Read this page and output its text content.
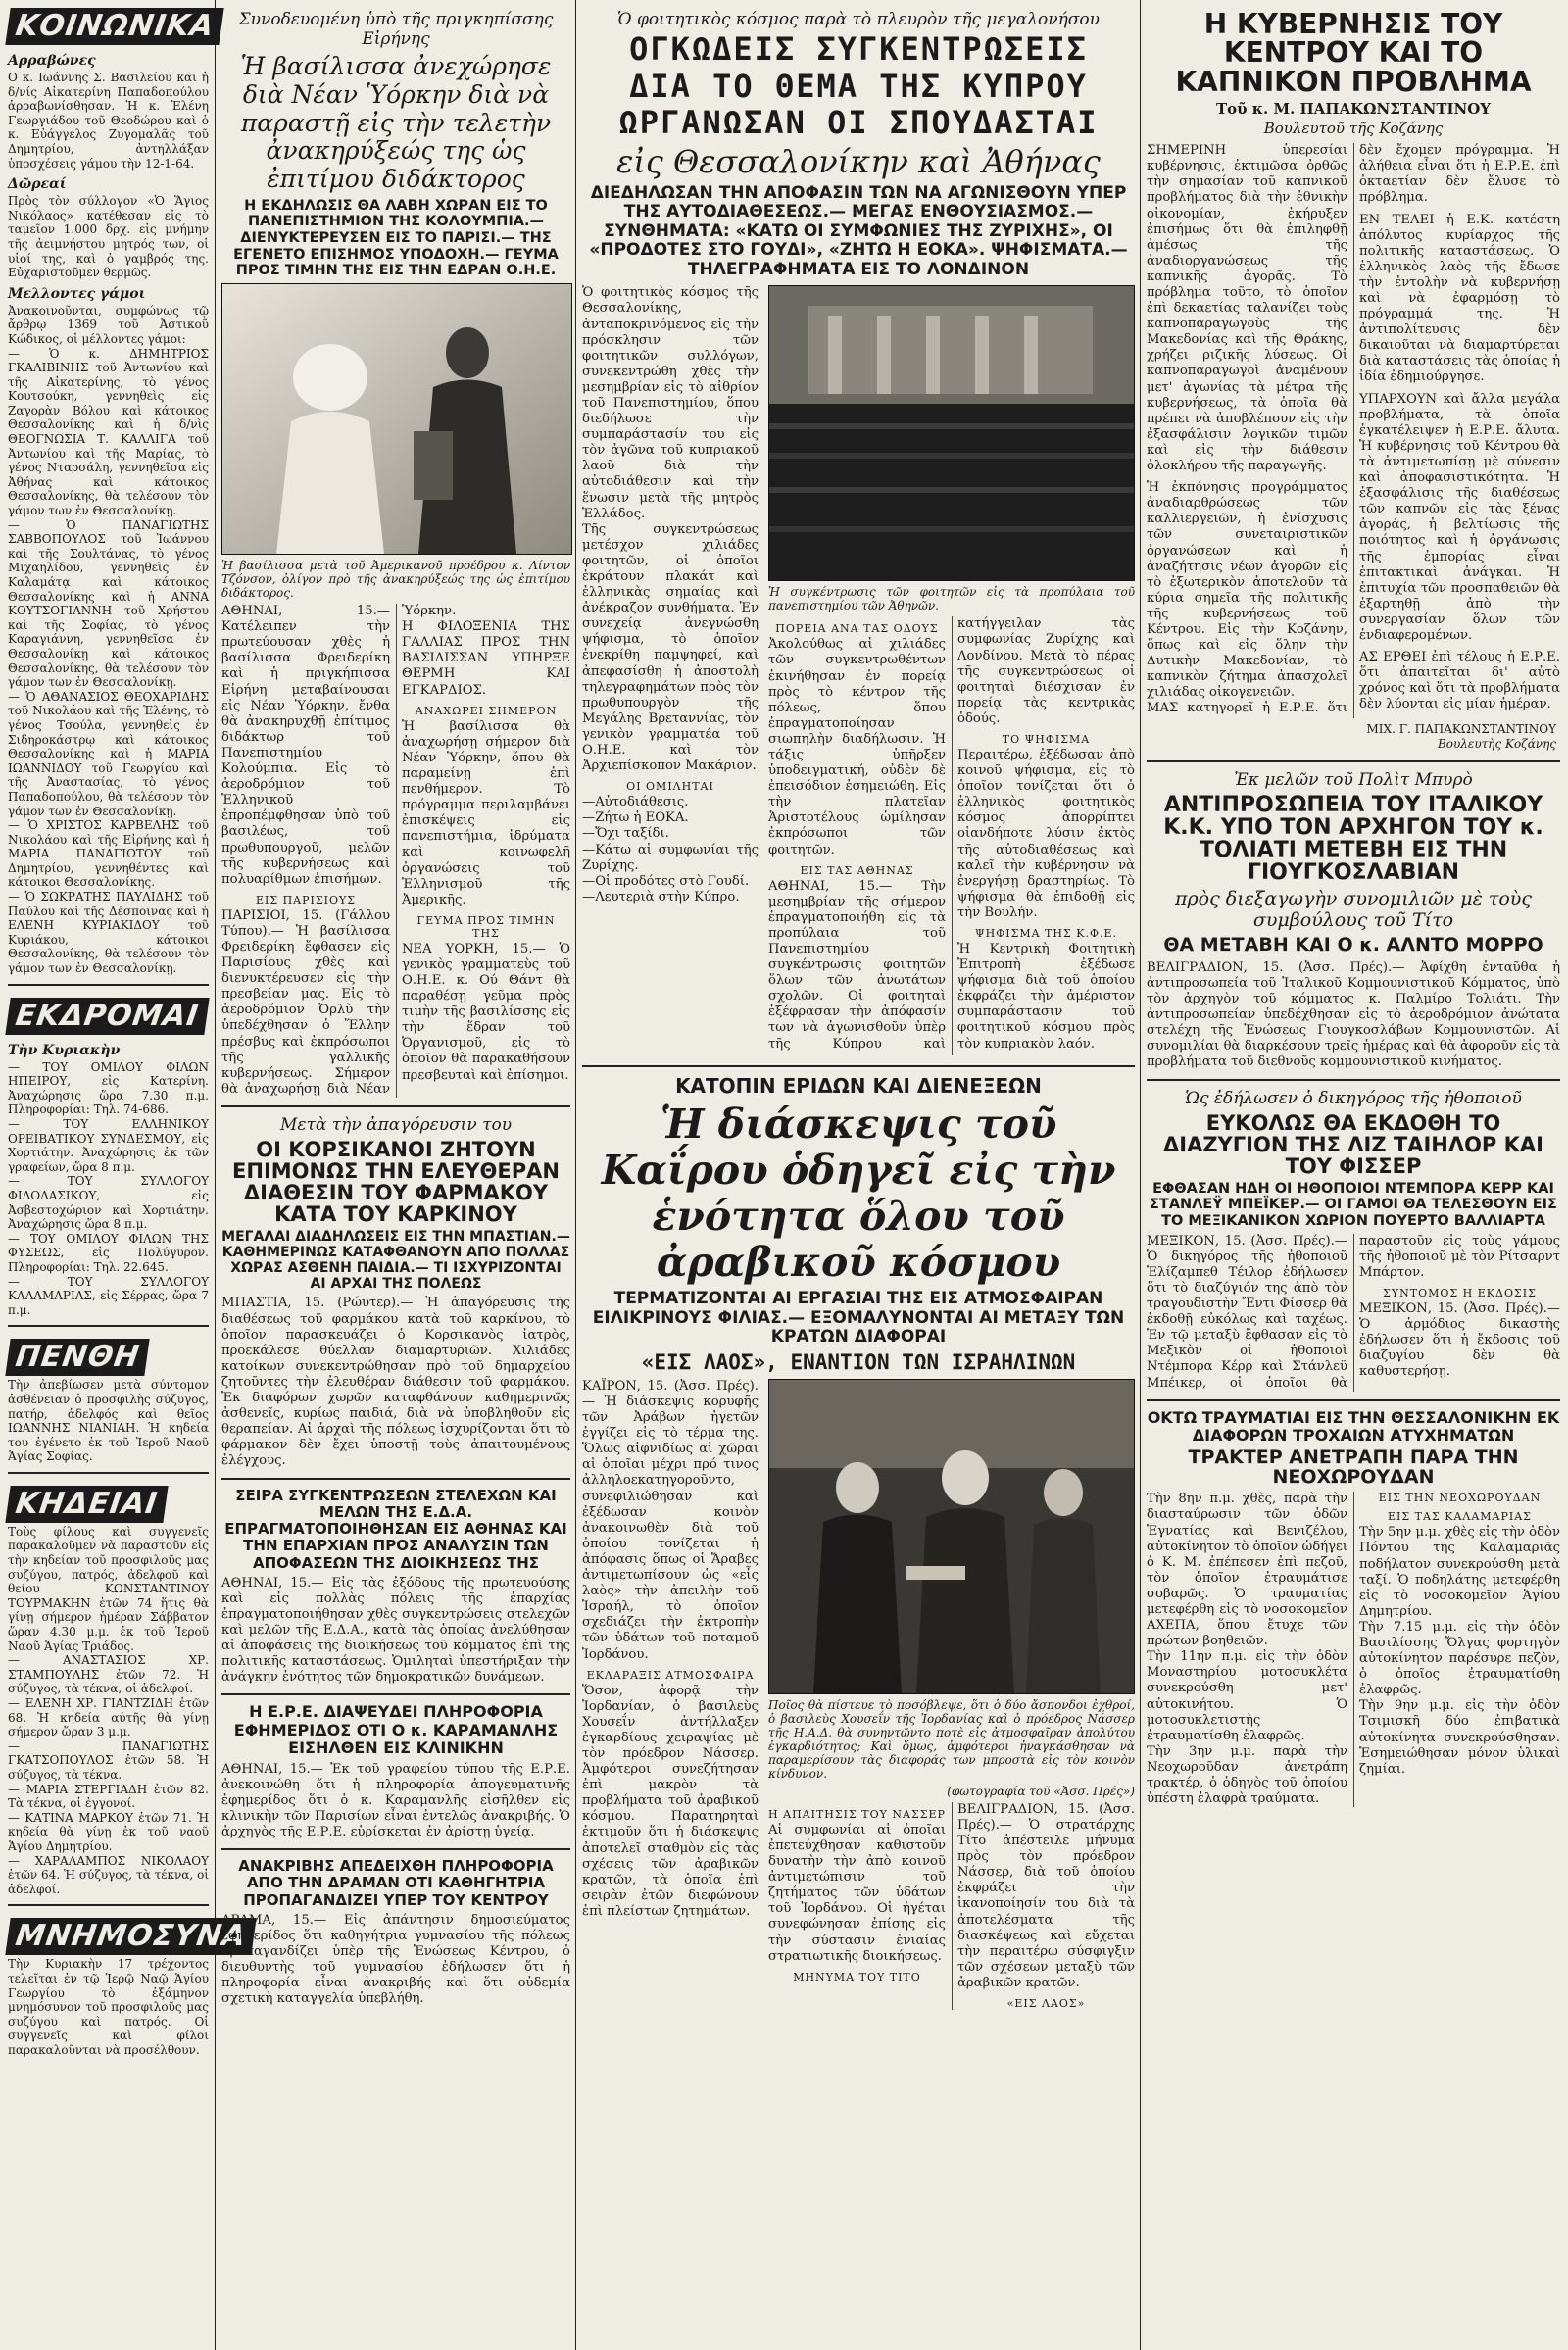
ΚΟΙΝΩΝΙΚΑ
Αρραβώνες

Ο κ. Ιωάννης Σ. Βασιλείου και ἡ δ/νίς Αἰκατερίνη Παπαδοπούλου ἀρραβωνίσθησαν. Ἡ κ. Ἑλένη Γεωργιάδου τοῦ Θεοδώρου καὶ ὁ κ. Εὐάγγελος Ζυγομαλᾶς τοῦ Δημητρίου, ἀντηλλάξαν ὑποσχέσεις γάμου τὴν 12-1-64.

Δῶρεαί

Πρὸς τὸν σύλλογον «Ὁ Ἅγιος Νικόλαος» κατέθεσαν εἰς τὸ ταμεῖον 1.000 δρχ. εἰς μνήμην τῆς ἀειμνήστου μητρός των, οἱ υἱοί της, καὶ ὁ γαμβρός της. Εὐχαριστοῦμεν θερμῶς.

Μελλοντες γάμοι

Ἀνακοινοῦνται, συμφώνως τῷ ἄρθρῳ 1369 τοῦ Ἀστικοῦ Κώδικος, οἱ μέλλοντες γάμοι:
— Ὁ κ. ΔΗΜΗΤΡΙΟΣ ΓΚΑΛΙΒΙΝΗΣ τοῦ Ἀντωνίου καὶ τῆς Αἰκατερίνης, τὸ γένος Κουτσούκη, γεννηθεὶς εἰς Ζαγορὰν Βόλου καὶ κάτοικος Θεσσαλονίκης καὶ ἡ δ/νὶς ΘΕΟΓΝΩΣΙΑ Τ. ΚΑΛΛΙΓΑ τοῦ Ἀντωνίου καὶ τῆς Μαρίας, τὸ γένος Νταρσάλη, γεννηθεῖσα εἰς Ἀθήνας καὶ κάτοικος Θεσσαλονίκης, θὰ τελέσουν τὸν γάμον των ἐν Θεσσαλονίκῃ.
— Ὁ ΠΑΝΑΓΙΩΤΗΣ ΣΑΒΒΟΠΟΥΛΟΣ τοῦ Ἰωάννου καὶ τῆς Σουλτάνας, τὸ γένος Μιχαηλίδου, γεννηθεὶς ἐν Καλαμάτᾳ καὶ κάτοικος Θεσσαλονίκης καὶ ἡ ΑΝΝΑ ΚΟΥΤΣΟΓΙΑΝΝΗ τοῦ Χρήστου καὶ τῆς Σοφίας, τὸ γένος Καραγιάννη, γεννηθεῖσα ἐν Θεσσαλονίκῃ καὶ κάτοικος Θεσσαλονίκης, θὰ τελέσουν τὸν γάμον των ἐν Θεσσαλονίκῃ.
— Ὁ ΑΘΑΝΑΣΙΟΣ ΘΕΟΧΑΡΙΔΗΣ τοῦ Νικολάου καὶ τῆς Ἑλένης, τὸ γένος Τσούλα, γεννηθεὶς ἐν Σιδηροκάστρῳ καὶ κάτοικος Θεσσαλονίκης καὶ ἡ ΜΑΡΙΑ ΙΩΑΝΝΙΔΟΥ τοῦ Γεωργίου καὶ τῆς Ἀναστασίας, τὸ γένος Παπαδοπούλου, θὰ τελέσουν τὸν γάμον των ἐν Θεσσαλονίκῃ.
— Ὁ ΧΡΙΣΤΟΣ ΚΑΡΒΕΛΗΣ τοῦ Νικολάου καὶ τῆς Εἰρήνης καὶ ἡ ΜΑΡΙΑ ΠΑΝΑΓΙΩΤΟΥ τοῦ Δημητρίου, γεννηθέντες καὶ κάτοικοι Θεσσαλονίκης.
— Ὁ ΣΩΚΡΑΤΗΣ ΠΑΥΛΙΔΗΣ τοῦ Παύλου καὶ τῆς Δέσποινας καὶ ἡ ΕΛΕΝΗ ΚΥΡΙΑΚΙΔΟΥ τοῦ Κυριάκου, κάτοικοι Θεσσαλονίκης, θὰ τελέσουν τὸν γάμον των ἐν Θεσσαλονίκῃ.

ΕΚΔΡΟΜΑΙ
Τὴν Κυριακὴν

— ΤΟΥ ΟΜΙΛΟΥ ΦΙΛΩΝ ΗΠΕΙΡΟΥ, εἰς Κατερίνη. Ἀναχώρησις ὥρα 7.30 π.μ. Πληροφορίαι: Τηλ. 74-686.
— ΤΟΥ ΕΛΛΗΝΙΚΟΥ ΟΡΕΙΒΑΤΙΚΟΥ ΣΥΝΔΕΣΜΟΥ, εἰς Χορτιάτην. Ἀναχώρησις ἐκ τῶν γραφείων, ὥρα 8 π.μ.
— ΤΟΥ ΣΥΛΛΟΓΟΥ ΦΙΛΟΔΑΣΙΚΟΥ, εἰς Ἀσβεστοχώριον καὶ Χορτιάτην. Ἀναχώρησις ὥρα 8 π.μ.
— ΤΟΥ ΟΜΙΛΟΥ ΦΙΛΩΝ ΤΗΣ ΦΥΣΕΩΣ, εἰς Πολύγυρον. Πληροφορίαι: Τηλ. 22.645.
— ΤΟΥ ΣΥΛΛΟΓΟΥ ΚΑΛΑΜΑΡΙΑΣ, εἰς Σέρρας, ὥρα 7 π.μ.

ΠΕΝΘΗ

Τὴν ἀπεβίωσεν μετὰ σύντομον ἀσθένειαν ὁ προσφιλὴς σύζυγος, πατήρ, ἀδελφός καὶ θεῖος ΙΩΑΝΝΗΣ ΝΙΑΝΙΑΗ. Ἡ κηδεία του ἐγένετο ἐκ τοῦ Ἱεροῦ Ναοῦ Ἁγίας Σοφίας.

ΚΗΔΕΙΑΙ

Τοὺς φίλους καὶ συγγενεῖς παρακαλοῦμεν νὰ παραστοῦν εἰς τὴν κηδείαν τοῦ προσφιλοῦς μας συζύγου, πατρός, ἀδελφοῦ καὶ θείου ΚΩΝΣΤΑΝΤΙΝΟΥ ΤΟΥΡΜΑΚΗΝ ἐτῶν 74 ἥτις θὰ γίνῃ σήμερον ἡμέραν Σάββατον ὥραν 4.30 μ.μ. ἐκ τοῦ Ἱεροῦ Ναοῦ Ἁγίας Τριάδος.
— ΑΝΑΣΤΑΣΙΟΣ ΧΡ. ΣΤΑΜΠΟΥΛΗΣ ἐτῶν 72. Ἡ σύζυγος, τὰ τέκνα, οἱ ἀδελφοί.
— ΕΛΕΝΗ ΧΡ. ΓΙΑΝΤΖΙΔΗ ἐτῶν 68. Ἡ κηδεία αὐτῆς θὰ γίνῃ σήμερον ὥραν 3 μ.μ.
— ΠΑΝΑΓΙΩΤΗΣ ΓΚΑΤΣΟΠΟΥΛΟΣ ἐτῶν 58. Ἡ σύζυγος, τὰ τέκνα.
— ΜΑΡΙΑ ΣΤΕΡΓΙΑΔΗ ἐτῶν 82. Τὰ τέκνα, οἱ ἐγγονοί.
— ΚΑΤΙΝΑ ΜΑΡΚΟΥ ἐτῶν 71. Ἡ κηδεία θὰ γίνῃ ἐκ τοῦ ναοῦ Ἁγίου Δημητρίου.
— ΧΑΡΑΛΑΜΠΟΣ ΝΙΚΟΛΑΟΥ ἐτῶν 64. Ἡ σύζυγος, τὰ τέκνα, οἱ ἀδελφοί.

ΜΝΗΜΟΣΥΝΑ

Τὴν Κυριακὴν 17 τρέχοντος τελεῖται ἐν τῷ Ἱερῷ Ναῷ Ἁγίου Γεωργίου τὸ ἐξάμηνον μνημόσυνον τοῦ προσφιλοῦς μας συζύγου καὶ πατρός. Οἱ συγγενεῖς καὶ φίλοι παρακαλοῦνται νὰ προσέλθουν.

Συνοδευομένη ὑπὸ τῆς πριγκηπίσσης Εἰρήνης
Ἡ βασίλισσα ἀνεχώρησε διὰ Νέαν Ὑόρκην διὰ νὰ παραστῇ εἰς τὴν τελετὴν ἀνακηρύξεώς της ὡς ἐπιτίμου διδάκτορος
Η ΕΚΔΗΛΩΣΙΣ ΘΑ ΛΑΒΗ ΧΩΡΑΝ ΕΙΣ ΤΟ ΠΑΝΕΠΙΣΤΗΜΙΟΝ ΤΗΣ ΚΟΛΟΥΜΠΙΑ.— ΔΙΕΝΥΚΤΕΡΕΥΣΕΝ ΕΙΣ ΤΟ ΠΑΡΙΣΙ.— ΤΗΣ ΕΓΕΝΕΤΟ ΕΠΙΣΗΜΟΣ ΥΠΟΔΟΧΗ.— ΓΕΥΜΑ ΠΡΟΣ ΤΙΜΗΝ ΤΗΣ ΕΙΣ ΤΗΝ ΕΔΡΑΝ Ο.Η.Ε.
Ἡ βασίλισσα μετὰ τοῦ Ἀμερικανοῦ προέδρου κ. Λίντον Τζόνσον, ὀλίγον πρὸ τῆς ἀνακηρύξεώς της ὡς ἐπιτίμου διδάκτορος.

ΑΘΗΝΑΙ, 15.— Κατέλειπεν τὴν πρωτεύουσαν χθὲς ἡ βασίλισσα Φρειδερίκη καὶ ἡ πριγκήπισσα Εἰρήνη μεταβαίνουσαι εἰς Νέαν Ὑόρκην, ἔνθα θὰ ἀνακηρυχθῇ ἐπίτιμος διδάκτωρ τοῦ Πανεπιστημίου Κολούμπια. Εἰς τὸ ἀεροδρόμιον τοῦ Ἑλληνικοῦ ἐπροπέμφθησαν ὑπὸ τοῦ βασιλέως, τοῦ πρωθυπουργοῦ, μελῶν τῆς κυβερνήσεως καὶ πολυαρίθμων ἐπισήμων.

ΕΙΣ ΠΑΡΙΣΙΟΥΣ

ΠΑΡΙΣΙΟΙ, 15. (Γάλλου Τύπου).— Ἡ βασίλισσα Φρειδερίκη ἔφθασεν εἰς Παρισίους χθὲς καὶ διενυκτέρευσεν εἰς τὴν πρεσβείαν μας. Εἰς τὸ ἀεροδρόμιον Ὀρλὺ τὴν ὑπεδέχθησαν ὁ Ἕλλην πρέσβυς καὶ ἐκπρόσωποι τῆς γαλλικῆς κυβερνήσεως. Σήμερον θὰ ἀναχωρήσῃ διὰ Νέαν Ὑόρκην.
Η ΦΙΛΟΞΕΝΙΑ ΤΗΣ ΓΑΛΛΙΑΣ ΠΡΟΣ ΤΗΝ ΒΑΣΙΛΙΣΣΑΝ ΥΠΗΡΞΕ ΘΕΡΜΗ ΚΑΙ ΕΓΚΑΡΔΙΟΣ.

ΑΝΑΧΩΡΕΙ ΣΗΜΕΡΟΝ

Ἡ βασίλισσα θὰ ἀναχωρήσῃ σήμερον διὰ Νέαν Ὑόρκην, ὅπου θὰ παραμείνῃ ἐπὶ πενθήμερον. Τὸ πρόγραμμα περιλαμβάνει ἐπισκέψεις εἰς πανεπιστήμια, ἱδρύματα καὶ κοινωφελῆ ὀργανώσεις τοῦ Ἑλληνισμοῦ τῆς Ἀμερικῆς.

ΓΕΥΜΑ ΠΡΟΣ ΤΙΜΗΝ ΤΗΣ

ΝΕΑ ΥΟΡΚΗ, 15.— Ὁ γενικὸς γραμματεὺς τοῦ Ο.Η.Ε. κ. Ού Θάντ θὰ παραθέσῃ γεῦμα πρὸς τιμὴν τῆς βασιλίσσης εἰς τὴν ἕδραν τοῦ Ὀργανισμοῦ, εἰς τὸ ὁποῖον θὰ παρακαθήσουν πρεσβευταὶ καὶ ἐπίσημοι.

Μετὰ τὴν ἀπαγόρευσιν του
ΟΙ ΚΟΡΣΙΚΑΝΟΙ ΖΗΤΟΥΝ ΕΠΙΜΟΝΩΣ ΤΗΝ ΕΛΕΥΘΕΡΑΝ ΔΙΑΘΕΣΙΝ ΤΟΥ ΦΑΡΜΑΚΟΥ ΚΑΤΑ ΤΟΥ ΚΑΡΚΙΝΟΥ
ΜΕΓΑΛΑΙ ΔΙΑΔΗΛΩΣΕΙΣ ΕΙΣ ΤΗΝ ΜΠΑΣΤΙΑΝ.— ΚΑΘΗΜΕΡΙΝΩΣ ΚΑΤΑΦΘΑΝΟΥΝ ΑΠΟ ΠΟΛΛΑΣ ΧΩΡΑΣ ΑΣΘΕΝΗ ΠΑΙΔΙΑ.— ΤΙ ΙΣΧΥΡΙΖΟΝΤΑΙ ΑΙ ΑΡΧΑΙ ΤΗΣ ΠΟΛΕΩΣ

ΜΠΑΣΤΙΑ, 15. (Ρώυτερ).— Ἡ ἀπαγόρευσις τῆς διαθέσεως τοῦ φαρμάκου κατὰ τοῦ καρκίνου, τὸ ὁποῖον παρασκευάζει ὁ Κορσικανὸς ἰατρὸς, προεκάλεσε θύελλαν διαμαρτυριῶν. Χιλιάδες κατοίκων συνεκεντρώθησαν πρὸ τοῦ δημαρχείου ζητοῦντες τὴν ἐλευθέραν διάθεσιν τοῦ φαρμάκου. Ἐκ διαφόρων χωρῶν καταφθάνουν καθημερινῶς ἀσθενεῖς, κυρίως παιδιά, διὰ νὰ ὑποβληθοῦν εἰς θεραπείαν. Αἱ ἀρχαὶ τῆς πόλεως ἰσχυρίζονται ὅτι τὸ φάρμακον δὲν ἔχει ὑποστῇ τοὺς ἀπαιτουμένους ἐλέγχους.

ΣΕΙΡΑ ΣΥΓΚΕΝΤΡΩΣΕΩΝ ΣΤΕΛΕΧΩΝ ΚΑΙ ΜΕΛΩΝ ΤΗΣ Ε.Δ.Α. ΕΠΡΑΓΜΑΤΟΠΟΙΗΘΗΣΑΝ ΕΙΣ ΑΘΗΝΑΣ ΚΑΙ ΤΗΝ ΕΠΑΡΧΙΑΝ ΠΡΟΣ ΑΝΑΛΥΣΙΝ ΤΩΝ ΑΠΟΦΑΣΕΩΝ ΤΗΣ ΔΙΟΙΚΗΣΕΩΣ ΤΗΣ

ΑΘΗΝΑΙ, 15.— Εἰς τὰς ἐξόδους τῆς πρωτευούσης καὶ εἰς πολλὰς πόλεις τῆς ἐπαρχίας ἐπραγματοποιήθησαν χθὲς συγκεντρώσεις στελεχῶν καὶ μελῶν τῆς Ε.Δ.Α., κατὰ τὰς ὁποίας ἀνελύθησαν αἱ ἀποφάσεις τῆς διοικήσεως τοῦ κόμματος ἐπὶ τῆς πολιτικῆς καταστάσεως. Ὁμιληταὶ ὑπεστήριξαν τὴν ἀνάγκην ἑνότητος τῶν δημοκρατικῶν δυνάμεων.

Η Ε.Ρ.Ε. ΔΙΑΨΕΥΔΕΙ ΠΛΗΡΟΦΟΡΙΑ ΕΦΗΜΕΡΙΔΟΣ ΟΤΙ Ο κ. ΚΑΡΑΜΑΝΛΗΣ ΕΙΣΗΛΘΕΝ ΕΙΣ ΚΛΙΝΙΚΗΝ

ΑΘΗΝΑΙ, 15.— Ἐκ τοῦ γραφείου τύπου τῆς Ε.Ρ.Ε. ἀνεκοινώθη ὅτι ἡ πληροφορία ἀπογευματινῆς ἐφημερίδος ὅτι ὁ κ. Καραμανλῆς εἰσῆλθεν εἰς κλινικὴν τῶν Παρισίων εἶναι ἐντελῶς ἀνακριβής. Ὁ ἀρχηγὸς τῆς Ε.Ρ.Ε. εὑρίσκεται ἐν ἀρίστῃ ὑγείᾳ.

ΑΝΑΚΡΙΒΗΣ ΑΠΕΔΕΙΧΘΗ ΠΛΗΡΟΦΟΡΙΑ ΑΠΟ ΤΗΝ ΔΡΑΜΑΝ ΟΤΙ ΚΑΘΗΓΗΤΡΙΑ ΠΡΟΠΑΓΑΝΔΙΖΕΙ ΥΠΕΡ ΤΟΥ ΚΕΝΤΡΟΥ

ΔΡΑΜΑ, 15.— Εἰς ἀπάντησιν δημοσιεύματος ἐφημερίδος ὅτι καθηγήτρια γυμνασίου τῆς πόλεως προπαγανδίζει ὑπὲρ τῆς Ἑνώσεως Κέντρου, ὁ διευθυντὴς τοῦ γυμνασίου ἐδήλωσεν ὅτι ἡ πληροφορία εἶναι ἀνακριβής καὶ ὅτι οὐδεμία σχετικὴ καταγγελία ὑπεβλήθη.

Ὁ φοιτητικὸς κόσμος παρὰ τὸ πλευρὸν τῆς μεγαλονήσου
ΟΓΚΩΔΕΙΣ ΣΥΓΚΕΝΤΡΩΣΕΙΣ
ΔΙΑ ΤΟ ΘΕΜΑ ΤΗΣ ΚΥΠΡΟΥ
ΩΡΓΑΝΩΣΑΝ ΟΙ ΣΠΟΥΔΑΣΤΑΙ
εἰς Θεσσαλονίκην καὶ Ἀθήνας
ΔΙΕΔΗΛΩΣΑΝ ΤΗΝ ΑΠΟΦΑΣΙΝ ΤΩΝ ΝΑ ΑΓΩΝΙΣΘΟΥΝ ΥΠΕΡ ΤΗΣ ΑΥΤΟΔΙΑΘΕΣΕΩΣ.— ΜΕΓΑΣ ΕΝΘΟΥΣΙΑΣΜΟΣ.— ΣΥΝΘΗΜΑΤΑ: «ΚΑΤΩ ΟΙ ΣΥΜΦΩΝΙΕΣ ΤΗΣ ΖΥΡΙΧΗΣ», ΟΙ «ΠΡΟΔΟΤΕΣ ΣΤΟ ΓΟΥΔΙ», «ΖΗΤΩ Η ΕΟΚΑ». ΨΗΦΙΣΜΑΤΑ.— ΤΗΛΕΓΡΑΦΗΜΑΤΑ ΕΙΣ ΤΟ ΛΟΝΔΙΝΟΝ

Ὁ φοιτητικὸς κόσμος τῆς Θεσσαλονίκης, ἀνταποκρινόμενος εἰς τὴν πρόσκλησιν τῶν φοιτητικῶν συλλόγων, συνεκεντρώθη χθὲς τὴν μεσημβρίαν εἰς τὸ αἰθρίον τοῦ Πανεπιστημίου, ὅπου διεδήλωσε τὴν συμπαράστασίν του εἰς τὸν ἀγῶνα τοῦ κυπριακοῦ λαοῦ διὰ τὴν αὐτοδιάθεσιν καὶ τὴν ἕνωσιν μετὰ τῆς μητρὸς Ἑλλάδος.
Τῆς συγκεντρώσεως μετέσχον χιλιάδες φοιτητῶν, οἱ ὁποῖοι ἐκράτουν πλακάτ καὶ ἑλληνικὰς σημαίας καὶ ἀνέκραζον συνθήματα. Ἐν συνεχείᾳ ἀνεγνώσθη ψήφισμα, τὸ ὁποῖον ἐνεκρίθη παμψηφεί, καὶ ἀπεφασίσθη ἡ ἀποστολὴ τηλεγραφημάτων πρὸς τὸν πρωθυπουργὸν τῆς Μεγάλης Βρεταννίας, τὸν γενικὸν γραμματέα τοῦ Ο.Η.Ε. καὶ τὸν Ἀρχιεπίσκοπον Μακάριον.

ΟΙ ΟΜΙΛΗΤΑΙ

—Αὐτοδιάθεσις.
—Ζήτω ἡ ΕΟΚΑ.
—Ὄχι ταξίδι.
—Κάτω αἱ συμφωνίαι τῆς Ζυρίχης.
—Οἱ προδότες στὸ Γουδί.
—Λευτεριὰ στὴν Κύπρο.

Ἡ συγκέντρωσις τῶν φοιτητῶν εἰς τὰ προπύλαια τοῦ πανεπιστημίου τῶν Ἀθηνῶν.
ΠΟΡΕΙΑ ΑΝΑ ΤΑΣ ΟΔΟΥΣ

Ἀκολούθως αἱ χιλιάδες τῶν συγκεντρωθέντων ἐκινήθησαν ἐν πορείᾳ πρὸς τὸ κέντρον τῆς πόλεως, ὅπου ἐπραγματοποίησαν σιωπηλὴν διαδήλωσιν. Ἡ τάξις ὑπῆρξεν ὑποδειγματική, οὐδὲν δὲ ἐπεισόδιον ἐσημειώθη. Εἰς τὴν πλατεῖαν Ἀριστοτέλους ὡμίλησαν ἐκπρόσωποι τῶν φοιτητῶν.

ΕΙΣ ΤΑΣ ΑΘΗΝΑΣ

ΑΘΗΝΑΙ, 15.— Τὴν μεσημβρίαν τῆς σήμερον ἐπραγματοποιήθη εἰς τὰ προπύλαια τοῦ Πανεπιστημίου συγκέντρωσις φοιτητῶν ὅλων τῶν ἀνωτάτων σχολῶν. Οἱ φοιτηταὶ ἐξέφρασαν τὴν ἀπόφασίν των νὰ ἀγωνισθοῦν ὑπὲρ τῆς Κύπρου καὶ κατήγγειλαν τὰς συμφωνίας Ζυρίχης καὶ Λονδίνου. Μετὰ τὸ πέρας τῆς συγκεντρώσεως οἱ φοιτηταὶ διέσχισαν ἐν πορείᾳ τὰς κεντρικὰς ὁδούς.

ΤΟ ΨΗΦΙΣΜΑ

Περαιτέρω, ἐξέδωσαν ἀπὸ κοινοῦ ψήφισμα, εἰς τὸ ὁποῖον τονίζεται ὅτι ὁ ἑλληνικὸς φοιτητικὸς κόσμος ἀπορρίπτει οἱανδήποτε λύσιν ἐκτὸς τῆς αὐτοδιαθέσεως καὶ καλεῖ τὴν κυβέρνησιν νὰ ἐνεργήσῃ δραστηρίως. Τὸ ψήφισμα θὰ ἐπιδοθῇ εἰς τὴν Βουλήν.

ΨΗΦΙΣΜΑ ΤΗΣ Κ.Φ.Ε.

Ἡ Κεντρικὴ Φοιτητικὴ Ἐπιτροπὴ ἐξέδωσε ψήφισμα διὰ τοῦ ὁποίου ἐκφράζει τὴν ἀμέριστον συμπαράστασιν τοῦ φοιτητικοῦ κόσμου πρὸς τὸν κυπριακὸν λαόν.

ΚΑΤΟΠΙΝ ΕΡΙΔΩΝ ΚΑΙ ΔΙΕΝΕΞΕΩΝ
Ἡ διάσκεψις τοῦ Καΐρου ὁδηγεῖ εἰς τὴν ἑνότητα ὅλου τοῦ ἀραβικοῦ κόσμου
ΤΕΡΜΑΤΙΖΟΝΤΑΙ ΑΙ ΕΡΓΑΣΙΑΙ ΤΗΣ ΕΙΣ ΑΤΜΟΣΦΑΙΡΑΝ ΕΙΛΙΚΡΙΝΟΥΣ ΦΙΛΙΑΣ.— ΕΞΟΜΑΛΥΝΟΝΤΑΙ ΑΙ ΜΕΤΑΞΥ ΤΩΝ ΚΡΑΤΩΝ ΔΙΑΦΟΡΑΙ
«ΕΙΣ ΛΑΟΣ», ΕΝΑΝΤΙΟΝ ΤΩΝ ΙΣΡΑΗΛΙΝΩΝ

ΚΑΪΡΟΝ, 15. (Ἀσσ. Πρές).— Ἡ διάσκεψις κορυφῆς τῶν Ἀράβων ἡγετῶν ἐγγίζει εἰς τὸ τέρμα της. Ὅλως αἰφνιδίως αἱ χῶραι αἱ ὁποῖαι μέχρι πρό τινος ἀλληλοεκατηγοροῦντο, συνεφιλιώθησαν καὶ ἐξέδωσαν κοινὸν ἀνακοινωθὲν διὰ τοῦ ὁποίου τονίζεται ἡ ἀπόφασις ὅπως οἱ Ἄραβες ἀντιμετωπίσουν ὡς «εἷς λαὸς» τὴν ἀπειλὴν τοῦ Ἰσραήλ, τὸ ὁποῖον σχεδιάζει τὴν ἐκτροπὴν τῶν ὑδάτων τοῦ ποταμοῦ Ἰορδάνου.

ΕΚΛΑΡΑΞΙΣ ΑΤΜΟΣΦΑΙΡΑ

Ὅσον, ἀφορᾷ τὴν Ἰορδανίαν, ὁ βασιλεὺς Χουσεΐν ἀντήλλαξεν ἐγκαρδίους χειραψίας μὲ τὸν πρόεδρον Νάσσερ. Ἀμφότεροι συνεζήτησαν ἐπὶ μακρὸν τὰ προβλήματα τοῦ ἀραβικοῦ κόσμου. Παρατηρηταὶ ἐκτιμοῦν ὅτι ἡ διάσκεψις ἀποτελεῖ σταθμὸν εἰς τὰς σχέσεις τῶν ἀραβικῶν κρατῶν, τὰ ὁποῖα ἐπὶ σειρὰν ἐτῶν διεφώνουν ἐπὶ πλείστων ζητημάτων.

Ποῖος θὰ πίστευε τὸ ποσόβλεψε, ὅτι ὁ δύο ἄσπονδοι ἐχθροί, ὁ βασιλεὺς Χουσεΐν τῆς Ἰορδανίας καὶ ὁ πρόεδρος Νάσσερ τῆς Η.Α.Δ. θὰ συνηντῶντο ποτὲ εἰς ἀτμοσφαῖραν ἀπολύτου ἐγκαρδιότητος; Καὶ ὅμως, ἀμφότεροι ἠναγκάσθησαν νὰ παραμερίσουν τὰς διαφοράς των μπροστὰ εἰς τὸν κοινὸν κίνδυνον.
(φωτογραφία τοῦ «Ἀσσ. Πρές»)
Η ΑΠΑΙΤΗΣΙΣ ΤΟΥ ΝΑΣΣΕΡ

Αἱ συμφωνίαι αἱ ὁποῖαι ἐπετεύχθησαν καθιστοῦν δυνατὴν τὴν ἀπὸ κοινοῦ ἀντιμετώπισιν τοῦ ζητήματος τῶν ὑδάτων τοῦ Ἰορδάνου. Οἱ ἡγέται συνεφώνησαν ἐπίσης εἰς τὴν σύστασιν ἑνιαίας στρατιωτικῆς διοικήσεως.

ΜΗΝΥΜΑ ΤΟΥ ΤΙΤΟ

ΒΕΛΙΓΡΑΔΙΟΝ, 15. (Ἀσσ. Πρές).— Ὁ στρατάρχης Τίτο ἀπέστειλε μήνυμα πρὸς τὸν πρόεδρον Νάσσερ, διὰ τοῦ ὁποίου ἐκφράζει τὴν ἱκανοποίησίν του διὰ τὰ ἀποτελέσματα τῆς διασκέψεως καὶ εὔχεται τὴν περαιτέρω σύσφιγξιν τῶν σχέσεων μεταξὺ τῶν ἀραβικῶν κρατῶν.

«ΕΙΣ ΛΑΟΣ»
Η ΚΥΒΕΡΝΗΣΙΣ ΤΟΥ ΚΕΝΤΡΟΥ ΚΑΙ ΤΟ ΚΑΠΝΙΚΟΝ ΠΡΟΒΛΗΜΑ
Τοῦ κ. Μ. ΠΑΠΑΚΩΝΣΤΑΝΤΙΝΟΥ
Βουλευτοῦ τῆς Κοζάνης

ΣΗΜΕΡΙΝΗ ὑπερεσίαι κυβέρνησις, ἐκτιμῶσα ὀρθῶς τὴν σημασίαν τοῦ καπνικοῦ προβλήματος διὰ τὴν ἐθνικὴν οἰκονομίαν, ἐκήρυξεν ἐπισήμως ὅτι θὰ ἐπιληφθῇ ἀμέσως τῆς ἀναδιοργανώσεως τῆς καπνικῆς ἀγορᾶς. Τὸ πρόβλημα τοῦτο, τὸ ὁποῖον ἐπὶ δεκαετίας ταλανίζει τοὺς καπνοπαραγωγοὺς τῆς Μακεδονίας καὶ τῆς Θράκης, χρήζει ριζικῆς λύσεως. Οἱ καπνοπαραγωγοὶ ἀναμένουν μετ' ἀγωνίας τὰ μέτρα τῆς κυβερνήσεως, τὰ ὁποῖα θὰ πρέπει νὰ ἀποβλέπουν εἰς τὴν ἐξασφάλισιν λογικῶν τιμῶν καὶ εἰς τὴν διάθεσιν ὁλοκλήρου τῆς παραγωγῆς.

Ἡ ἐκπόνησις προγράμματος ἀναδιαρθρώσεως τῶν καλλιεργειῶν, ἡ ἐνίσχυσις τῶν συνεταιριστικῶν ὀργανώσεων καὶ ἡ ἀναζήτησις νέων ἀγορῶν εἰς τὸ ἐξωτερικὸν ἀποτελοῦν τὰ κύρια σημεῖα τῆς πολιτικῆς τῆς κυβερνήσεως τοῦ Κέντρου. Εἰς τὴν Κοζάνην, ὅπως καὶ εἰς ὅλην τὴν Δυτικὴν Μακεδονίαν, τὸ καπνικὸν ζήτημα ἀπασχολεῖ χιλιάδας οἰκογενειῶν.
ΜΑΣ κατηγορεῖ ἡ Ε.Ρ.Ε. ὅτι δὲν ἔχομεν πρόγραμμα. Ἡ ἀλήθεια εἶναι ὅτι ἡ Ε.Ρ.Ε. ἐπὶ ὀκταετίαν δὲν ἔλυσε τὸ πρόβλημα.

ΕΝ ΤΕΛΕΙ ἡ Ε.Κ. κατέστη ἀπόλυτος κυρίαρχος τῆς πολιτικῆς καταστάσεως. Ὁ ἑλληνικὸς λαὸς τῆς ἔδωσε τὴν ἐντολὴν νὰ κυβερνήσῃ καὶ νὰ ἐφαρμόσῃ τὸ πρόγραμμά της. Ἡ ἀντιπολίτευσις δὲν δικαιοῦται νὰ διαμαρτύρεται διὰ καταστάσεις τὰς ὁποίας ἡ ἰδία ἐδημιούργησε.

ΥΠΑΡΧΟΥΝ καὶ ἄλλα μεγάλα προβλήματα, τὰ ὁποῖα ἐγκατέλειψεν ἡ Ε.Ρ.Ε. ἄλυτα. Ἡ κυβέρνησις τοῦ Κέντρου θὰ τὰ ἀντιμετωπίσῃ μὲ σύνεσιν καὶ ἀποφασιστικότητα. Ἡ ἐξασφάλισις τῆς διαθέσεως τῶν καπνῶν εἰς τὰς ξένας ἀγοράς, ἡ βελτίωσις τῆς ποιότητος καὶ ἡ ὀργάνωσις τῆς ἐμπορίας εἶναι ἐπιτακτικαὶ ἀνάγκαι. Ἡ ἐπιτυχία τῶν προσπαθειῶν θὰ ἐξαρτηθῇ ἀπὸ τὴν συνεργασίαν ὅλων τῶν ἐνδιαφερομένων.

ΑΣ ΕΡΘΕΙ ἐπὶ τέλους ἡ Ε.Ρ.Ε. ὅτι ἀπαιτεῖται δι' αὐτὸ χρόνος καὶ ὅτι τὰ προβλήματα δὲν λύονται εἰς μίαν ἡμέραν.

ΜΙΧ. Γ. ΠΑΠΑΚΩΝΣΤΑΝΤΙΝΟΥ
Βουλευτὴς Κοζάνης
Ἐκ μελῶν τοῦ Πολὶτ Μπυρὸ
ΑΝΤΙΠΡΟΣΩΠΕΙΑ ΤΟΥ ΙΤΑΛΙΚΟΥ Κ.Κ. ΥΠΟ ΤΟΝ ΑΡΧΗΓΟΝ ΤΟΥ κ. ΤΟΛΙΑΤΙ ΜΕΤΕΒΗ ΕΙΣ ΤΗΝ ΓΙΟΥΓΚΟΣΛΑΒΙΑΝ
πρὸς διεξαγωγὴν συνομιλιῶν μὲ τοὺς συμβούλους τοῦ Τίτο
ΘΑ ΜΕΤΑΒΗ ΚΑΙ Ο κ. ΑΛΝΤΟ ΜΟΡΡΟ

ΒΕΛΙΓΡΑΔΙΟΝ, 15. (Ἀσσ. Πρές).— Ἀφίχθη ἐνταῦθα ἡ ἀντιπροσωπεία τοῦ Ἰταλικοῦ Κομμουνιστικοῦ Κόμματος, ὑπὸ τὸν ἀρχηγὸν τοῦ κόμματος κ. Παλμίρο Τολιάτι. Τὴν ἀντιπροσωπείαν ὑπεδέχθησαν εἰς τὸ ἀεροδρόμιον ἀνώτατα στελέχη τῆς Ἑνώσεως Γιουγκοσλάβων Κομμουνιστῶν. Αἱ συνομιλίαι θὰ διαρκέσουν τρεῖς ἡμέρας καὶ θὰ ἀφοροῦν εἰς τὰ προβλήματα τοῦ διεθνοῦς κομμουνιστικοῦ κινήματος.

Ὡς ἐδήλωσεν ὁ δικηγόρος τῆς ἠθοποιοῦ
ΕΥΚΟΛΩΣ ΘΑ ΕΚΔΟΘΗ ΤΟ ΔΙΑΖΥΓΙΟΝ ΤΗΣ ΛΙΖ ΤΑΙΗΛΟΡ ΚΑΙ ΤΟΥ ΦΙΣΣΕΡ
ΕΦΘΑΣΑΝ ΗΔΗ ΟΙ ΗΘΟΠΟΙΟΙ ΝΤΕΜΠΟΡΑ ΚΕΡΡ ΚΑΙ ΣΤΑΝΛΕΫ ΜΠΕΪΚΕΡ.— ΟΙ ΓΑΜΟΙ ΘΑ ΤΕΛΕΣΘΟΥΝ ΕΙΣ ΤΟ ΜΕΞΙΚΑΝΙΚΟΝ ΧΩΡΙΟΝ ΠΟΥΕΡΤΟ ΒΑΛΛΙΑΡΤΑ

ΜΕΞΙΚΟΝ, 15. (Ἀσσ. Πρές).— Ὁ δικηγόρος τῆς ἠθοποιοῦ Ἐλίζαμπεθ Τέιλορ ἐδήλωσεν ὅτι τὸ διαζύγιόν της ἀπὸ τὸν τραγουδιστὴν Ἔντι Φίσσερ θὰ ἐκδοθῇ εὐκόλως καὶ ταχέως. Ἐν τῷ μεταξὺ ἔφθασαν εἰς τὸ Μεξικὸν οἱ ἠθοποιοὶ Ντέμπορα Κέρρ καὶ Στάνλεϋ Μπέικερ, οἱ ὁποῖοι θὰ παραστοῦν εἰς τοὺς γάμους τῆς ἠθοποιοῦ μὲ τὸν Ρίτσαρντ Μπάρτον.

ΣΥΝΤΟΜΟΣ Η ΕΚΔΟΣΙΣ

ΜΕΞΙΚΟΝ, 15. (Ἀσσ. Πρές).— Ὁ ἁρμόδιος δικαστὴς ἐδήλωσεν ὅτι ἡ ἔκδοσις τοῦ διαζυγίου δὲν θὰ καθυστερήσῃ.

ΟΚΤΩ ΤΡΑΥΜΑΤΙΑΙ ΕΙΣ ΤΗΝ ΘΕΣΣΑΛΟΝΙΚΗΝ ΕΚ ΔΙΑΦΟΡΩΝ ΤΡΟΧΑΙΩΝ ΑΤΥΧΗΜΑΤΩΝ
ΤΡΑΚΤΕΡ ΑΝΕΤΡΑΠΗ ΠΑΡΑ ΤΗΝ ΝΕΟΧΩΡΟΥΔΑΝ

Τὴν 8ην π.μ. χθὲς, παρὰ τὴν διασταύρωσιν τῶν ὁδῶν Ἐγνατίας καὶ Βενιζέλου, αὐτοκίνητον τὸ ὁποῖον ὡδήγει ὁ Κ. Μ. ἐπέπεσεν ἐπὶ πεζοῦ, τὸν ὁποῖον ἐτραυμάτισε σοβαρῶς. Ὁ τραυματίας μετεφέρθη εἰς τὸ νοσοκομεῖον ΑΧΕΠΑ, ὅπου ἔτυχε τῶν πρώτων βοηθειῶν.
Τὴν 11ην π.μ. εἰς τὴν ὁδὸν Μοναστηρίου μοτοσυκλέτα συνεκρούσθη μετ' αὐτοκινήτου. Ὁ μοτοσυκλετιστὴς ἐτραυματίσθη ἐλαφρῶς.
Τὴν 3ην μ.μ. παρὰ τὴν Νεοχωροῦδαν ἀνετράπη τρακτέρ, ὁ ὁδηγὸς τοῦ ὁποίου ὑπέστη ἐλαφρὰ τραύματα.

ΕΙΣ ΤΗΝ ΝΕΟΧΩΡΟΥΔΑΝ
ΕΙΣ ΤΑΣ ΚΑΛΑΜΑΡΙΑΣ

Τὴν 5ην μ.μ. χθὲς εἰς τὴν ὁδὸν Πόντου τῆς Καλαμαριᾶς ποδήλατον συνεκρούσθη μετὰ ταξί. Ὁ ποδηλάτης μετεφέρθη εἰς τὸ νοσοκομεῖον Ἁγίου Δημητρίου.
Τὴν 7.15 μ.μ. εἰς τὴν ὁδὸν Βασιλίσσης Ὄλγας φορτηγὸν αὐτοκίνητον παρέσυρε πεζὸν, ὁ ὁποῖος ἐτραυματίσθη ἐλαφρῶς.
Τὴν 9ην μ.μ. εἰς τὴν ὁδὸν Τσιμισκῆ δύο ἐπιβατικὰ αὐτοκίνητα συνεκρούσθησαν. Ἐσημειώθησαν μόνον ὑλικαὶ ζημίαι.
